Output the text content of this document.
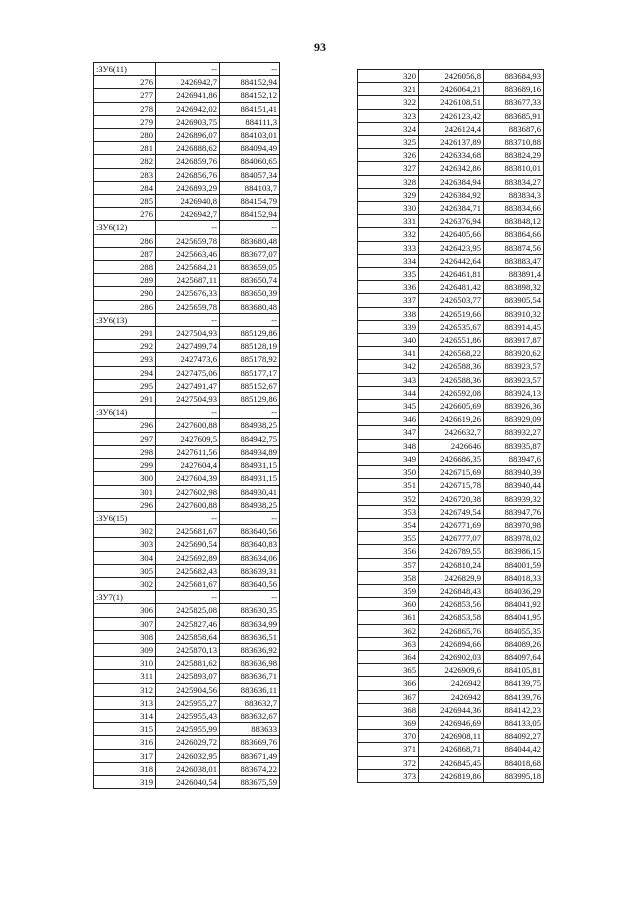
93
:ЗУ6(11)	--	--
276	2426942,7	884152,94
277	2426941,86	884152,12
278	2426942,02	884151,41
279	2426903,75	884111,3
280	2426896,07	884103,01
281	2426888,62	884094,49
282	2426859,76	884060,65
283	2426856,76	884057,34
284	2426893,29	884103,7
285	2426940,8	884154,79
276	2426942,7	884152,94
:ЗУ6(12)	--	--
286	2425659,78	883680,48
287	2425663,46	883677,07
288	2425684,21	883659,05
289	2425687,11	883650,74
290	2425676,33	883650,39
286	2425659,78	883680,48
:ЗУ6(13)	--	--
291	2427504,93	885129,86
292	2427499,74	885128,19
293	2427473,6	885178,92
294	2427475,06	885177,17
295	2427491,47	885152,67
291	2427504,93	885129,86
:ЗУ6(14)	--	--
296	2427600,88	884938,25
297	2427609,5	884942,75
298	2427611,56	884934,89
299	2427604,4	884931,15
300	2427604,39	884931,15
301	2427602,98	884930,41
296	2427600,88	884938,25
:ЗУ6(15)	--	--
302	2425681,67	883640,56
303	2425690,54	883640,83
304	2425692,89	883634,06
305	2425682,43	883639,31
302	2425681,67	883640,56
:ЗУ7(1)	--	--
306	2425825,08	883630,35
307	2425827,46	883634,99
308	2425858,64	883636,51
309	2425870,13	883636,92
310	2425881,62	883636,98
311	2425893,07	883636,71
312	2425904,56	883636,11
313	2425955,27	883632,7
314	2425955,43	883632,67
315	2425955,99	883633
316	2426029,72	883669,76
317	2426032,95	883671,49
318	2426038,01	883674,22
319	2426040,54	883675,59
320	2426056,8	883684,93
321	2426064,21	883689,16
322	2426108,51	883677,33
323	2426123,42	883685,91
324	2426124,4	883687,6
325	2426137,89	883710,88
326	2426334,68	883824,29
327	2426342,86	883810,01
328	2426384,94	883834,27
329	2426384,92	883834,3
330	2426384,71	883834,66
331	2426376,94	883848,12
332	2426405,66	883864,66
333	2426423,95	883874,56
334	2426442,64	883883,47
335	2426461,81	883891,4
336	2426481,42	883898,32
337	2426503,77	883905,54
338	2426519,66	883910,32
339	2426535,67	883914,45
340	2426551,86	883917,87
341	2426568,22	883920,62
342	2426588,36	883923,57
343	2426588,36	883923,57
344	2426592,08	883924,13
345	2426605,69	883926,36
346	2426619,26	883929,09
347	2426632,7	883932,27
348	2426646	883935,87
349	2426686,35	883947,6
350	2426715,69	883940,39
351	2426715,78	883940,44
352	2426720,38	883939,32
353	2426749,54	883947,76
354	2426771,69	883970,98
355	2426777,07	883978,02
356	2426789,55	883986,15
357	2426810,24	884001,59
358	2426829,9	884018,33
359	2426848,43	884036,29
360	2426853,56	884041,92
361	2426853,58	884041,95
362	2426865,76	884055,35
363	2426894,66	884089,26
364	2426902,03	884097,64
365	2426909,6	884105,81
366	2426942	884139,75
367	2426942	884139,76
368	2426944,36	884142,23
369	2426946,69	884133,05
370	2426908,11	884092,27
371	2426868,71	884044,42
372	2426845,45	884018,68
373	2426819,86	883995,18
